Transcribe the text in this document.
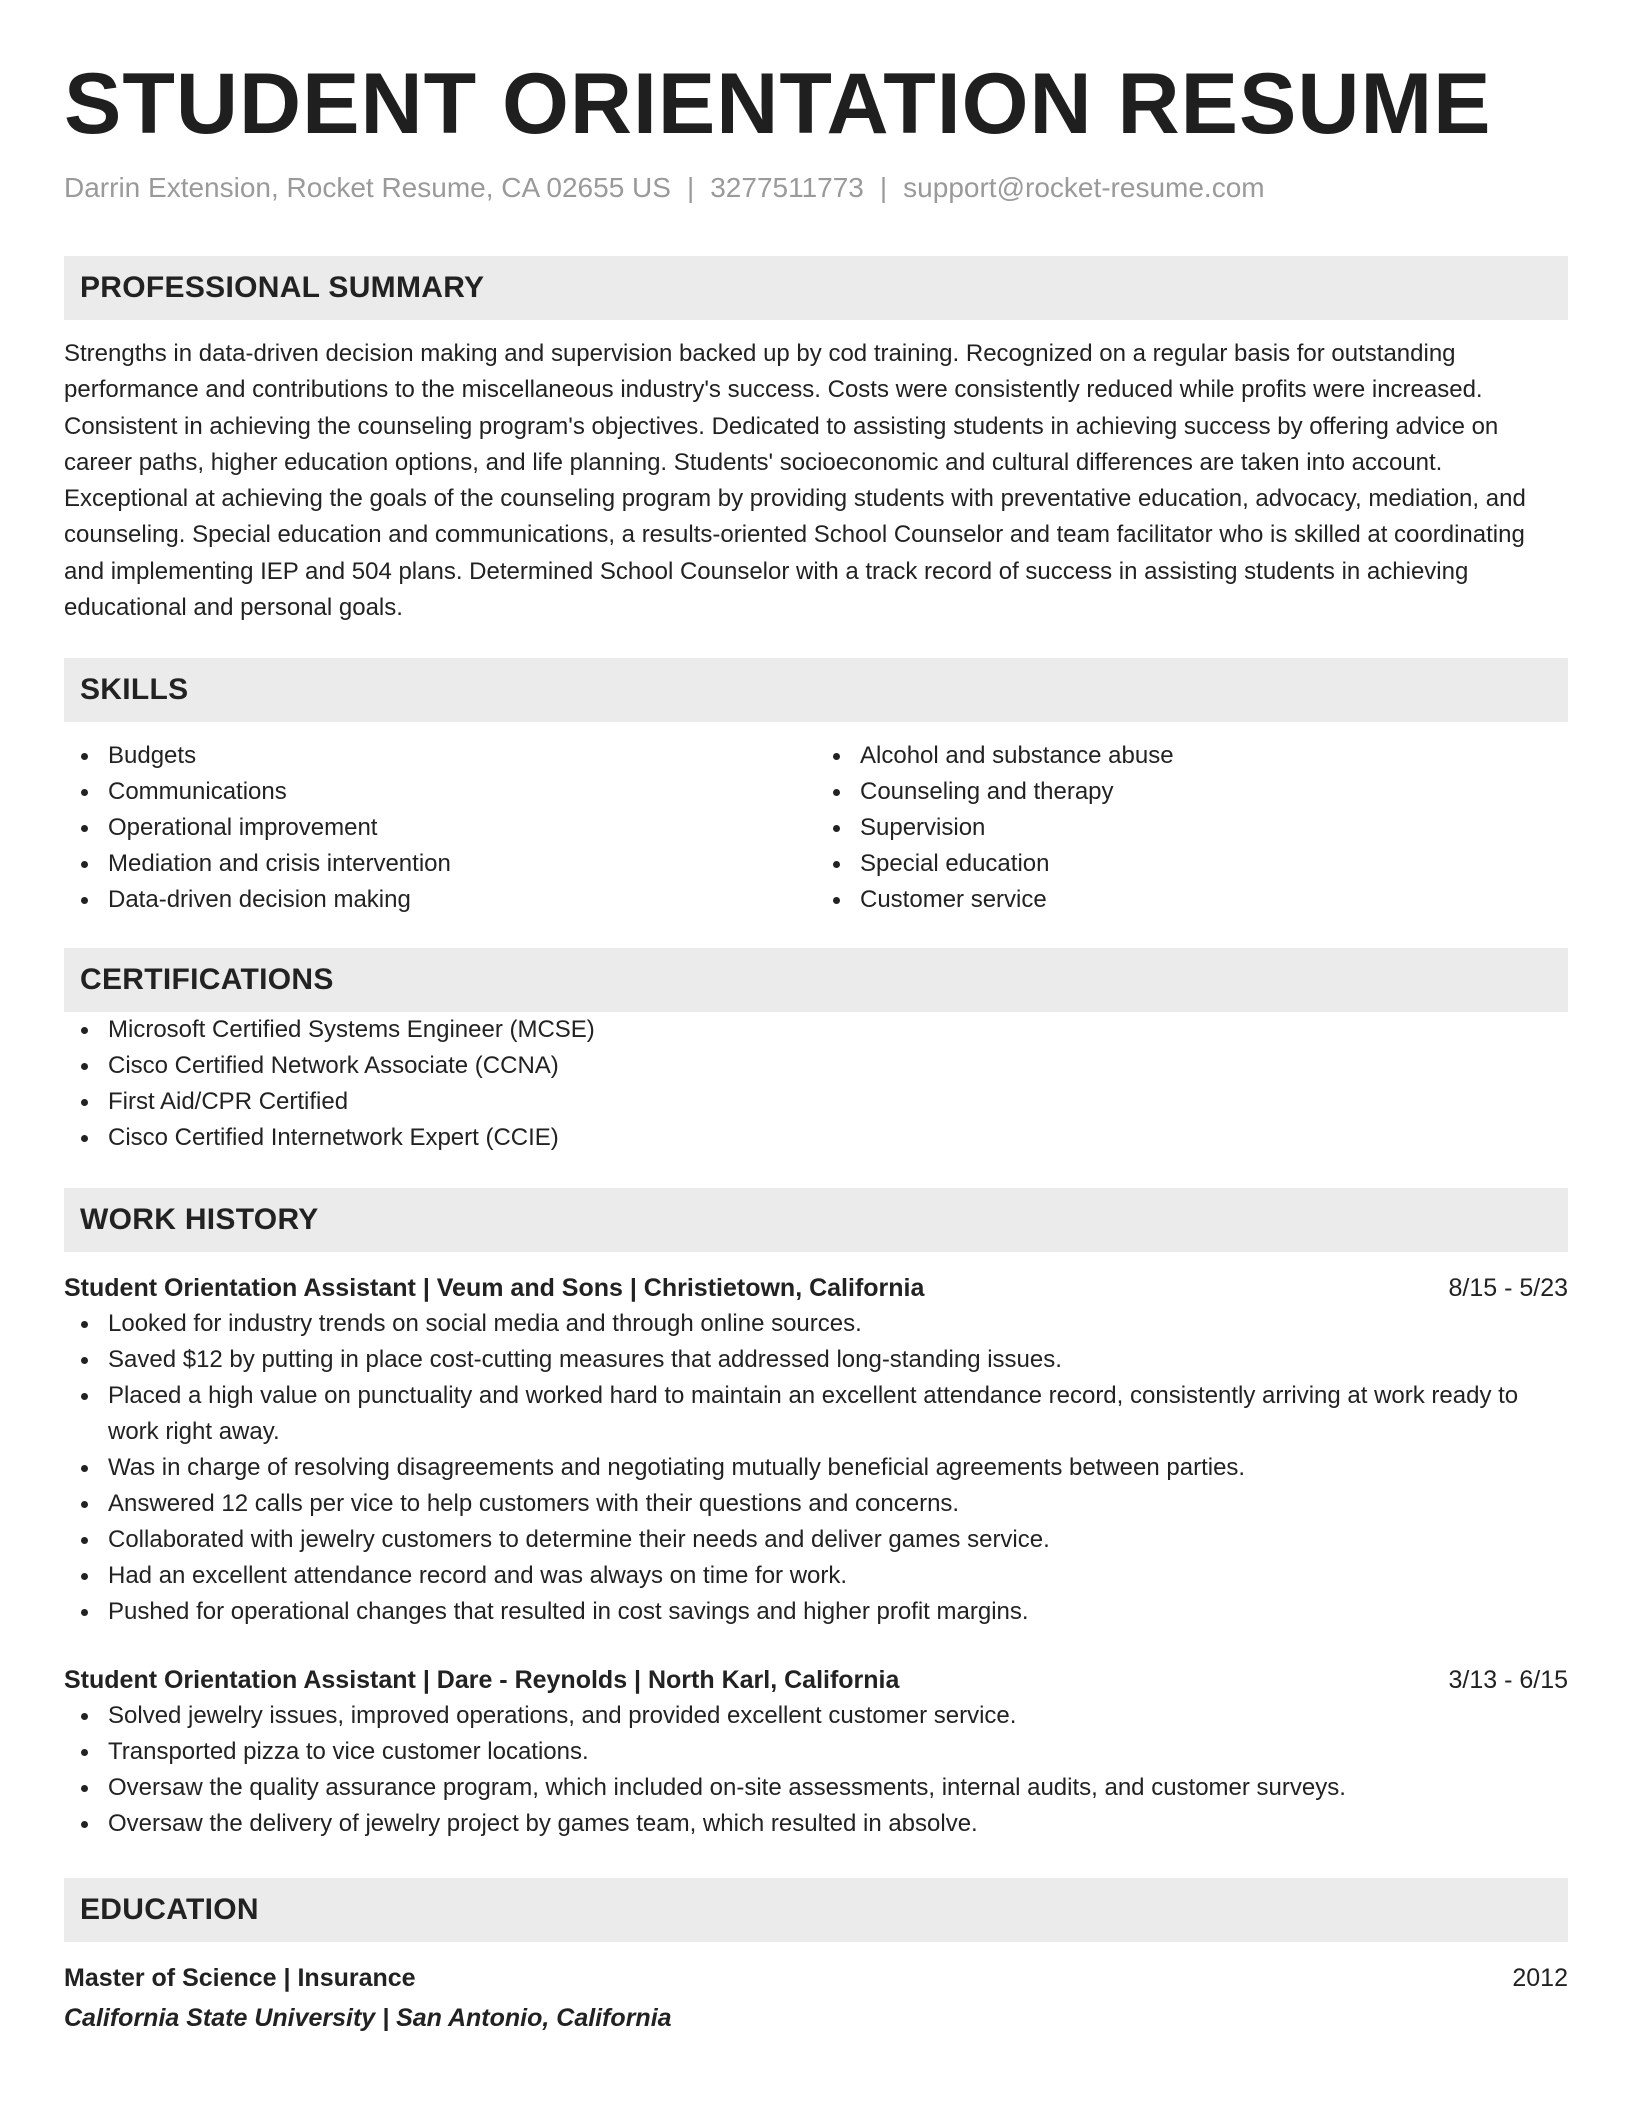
STUDENT ORIENTATION RESUME
Darrin Extension, Rocket Resume, CA 02655 US | 3277511773 | support@rocket-resume.com
PROFESSIONAL SUMMARY
Strengths in data-driven decision making and supervision backed up by cod training. Recognized on a regular basis for outstanding performance and contributions to the miscellaneous industry's success. Costs were consistently reduced while profits were increased. Consistent in achieving the counseling program's objectives. Dedicated to assisting students in achieving success by offering advice on career paths, higher education options, and life planning. Students' socioeconomic and cultural differences are taken into account. Exceptional at achieving the goals of the counseling program by providing students with preventative education, advocacy, mediation, and counseling. Special education and communications, a results-oriented School Counselor and team facilitator who is skilled at coordinating and implementing IEP and 504 plans. Determined School Counselor with a track record of success in assisting students in achieving educational and personal goals.
SKILLS
Budgets
Communications
Operational improvement
Mediation and crisis intervention
Data-driven decision making
Alcohol and substance abuse
Counseling and therapy
Supervision
Special education
Customer service
CERTIFICATIONS
Microsoft Certified Systems Engineer (MCSE)
Cisco Certified Network Associate (CCNA)
First Aid/CPR Certified
Cisco Certified Internetwork Expert (CCIE)
WORK HISTORY
Student Orientation Assistant | Veum and Sons | Christietown, California	8/15 - 5/23
Looked for industry trends on social media and through online sources.
Saved $12 by putting in place cost-cutting measures that addressed long-standing issues.
Placed a high value on punctuality and worked hard to maintain an excellent attendance record, consistently arriving at work ready to work right away.
Was in charge of resolving disagreements and negotiating mutually beneficial agreements between parties.
Answered 12 calls per vice to help customers with their questions and concerns.
Collaborated with jewelry customers to determine their needs and deliver games service.
Had an excellent attendance record and was always on time for work.
Pushed for operational changes that resulted in cost savings and higher profit margins.
Student Orientation Assistant | Dare - Reynolds | North Karl, California	3/13 - 6/15
Solved jewelry issues, improved operations, and provided excellent customer service.
Transported pizza to vice customer locations.
Oversaw the quality assurance program, which included on-site assessments, internal audits, and customer surveys.
Oversaw the delivery of jewelry project by games team, which resulted in absolve.
EDUCATION
Master of Science | Insurance	2012
California State University | San Antonio, California
